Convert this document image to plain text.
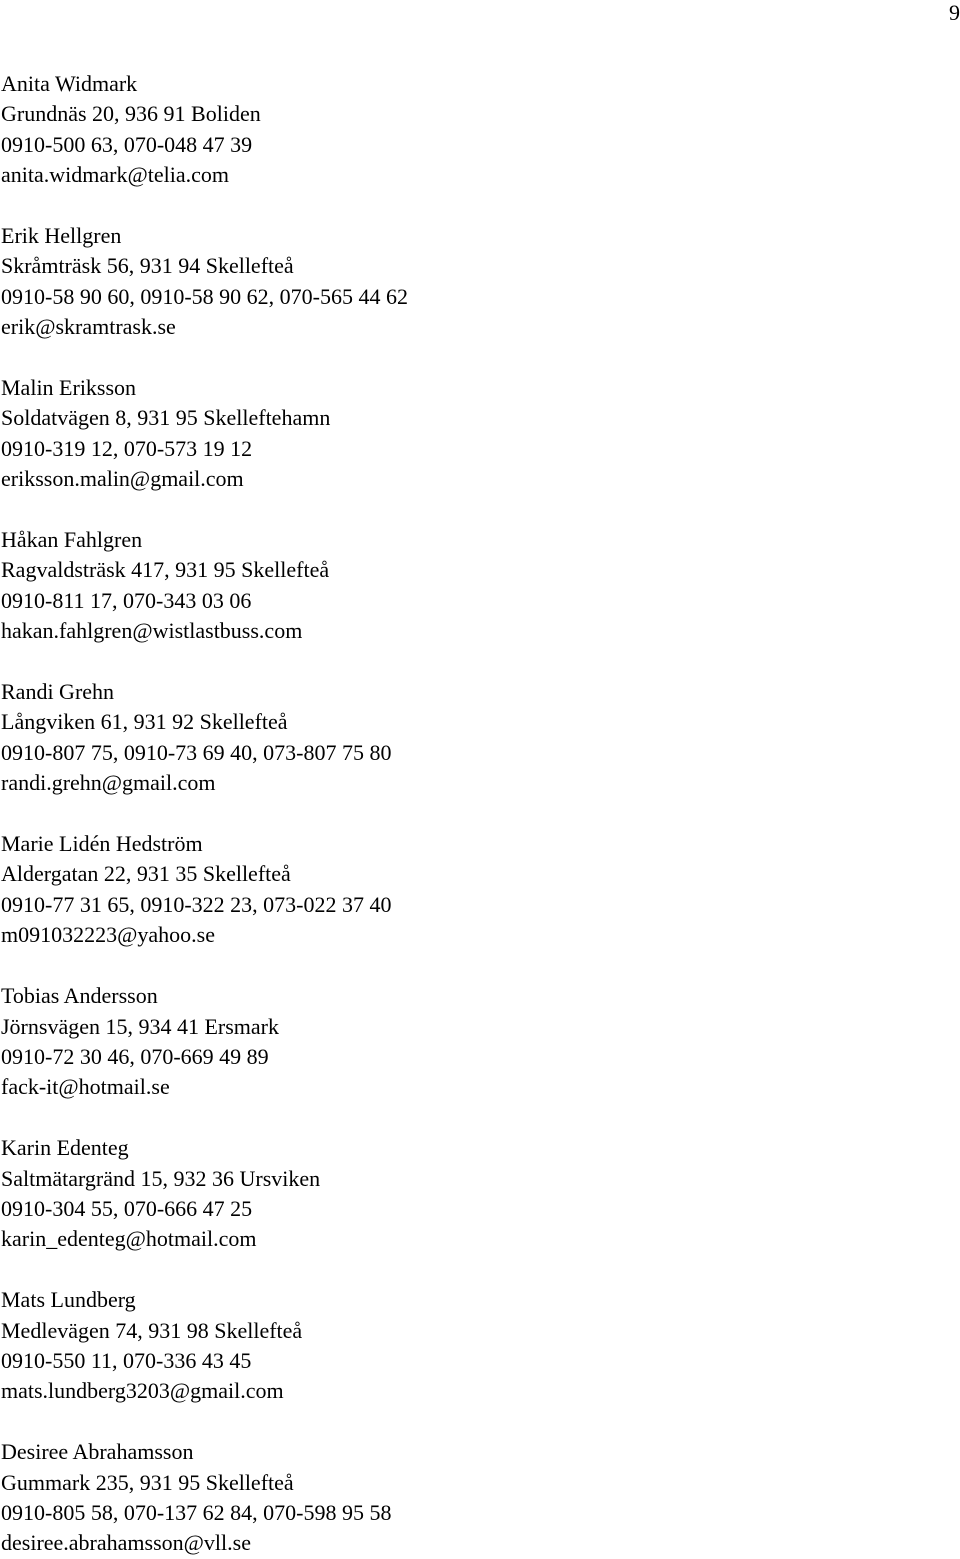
9
Anita Widmark
Grundnäs 20, 936 91 Boliden
0910-500 63, 070-048 47 39
anita.widmark@telia.com
Erik Hellgren
Skråmträsk 56, 931 94 Skellefteå
0910-58 90 60, 0910-58 90 62, 070-565 44 62
erik@skramtrask.se
Malin Eriksson
Soldatvägen 8, 931 95 Skelleftehamn
0910-319 12, 070-573 19 12
eriksson.malin@gmail.com
Håkan Fahlgren
Ragvaldsträsk 417, 931 95 Skellefteå
0910-811 17, 070-343 03 06
hakan.fahlgren@wistlastbuss.com
Randi Grehn
Långviken 61, 931 92 Skellefteå
0910-807 75, 0910-73 69 40, 073-807 75 80
randi.grehn@gmail.com
Marie Lidén Hedström
Aldergatan 22, 931 35 Skellefteå
0910-77 31 65, 0910-322 23, 073-022 37 40
m091032223@yahoo.se
Tobias Andersson
Jörnsvägen 15, 934 41 Ersmark
0910-72 30 46, 070-669 49 89
fack-it@hotmail.se
Karin Edenteg
Saltmätargränd 15, 932 36 Ursviken
0910-304 55, 070-666 47 25
karin_edenteg@hotmail.com
Mats Lundberg
Medlevägen 74, 931 98 Skellefteå
0910-550 11, 070-336 43 45
mats.lundberg3203@gmail.com
Desiree Abrahamsson
Gummark 235, 931 95 Skellefteå
0910-805 58, 070-137 62 84, 070-598 95 58
desiree.abrahamsson@vll.se
